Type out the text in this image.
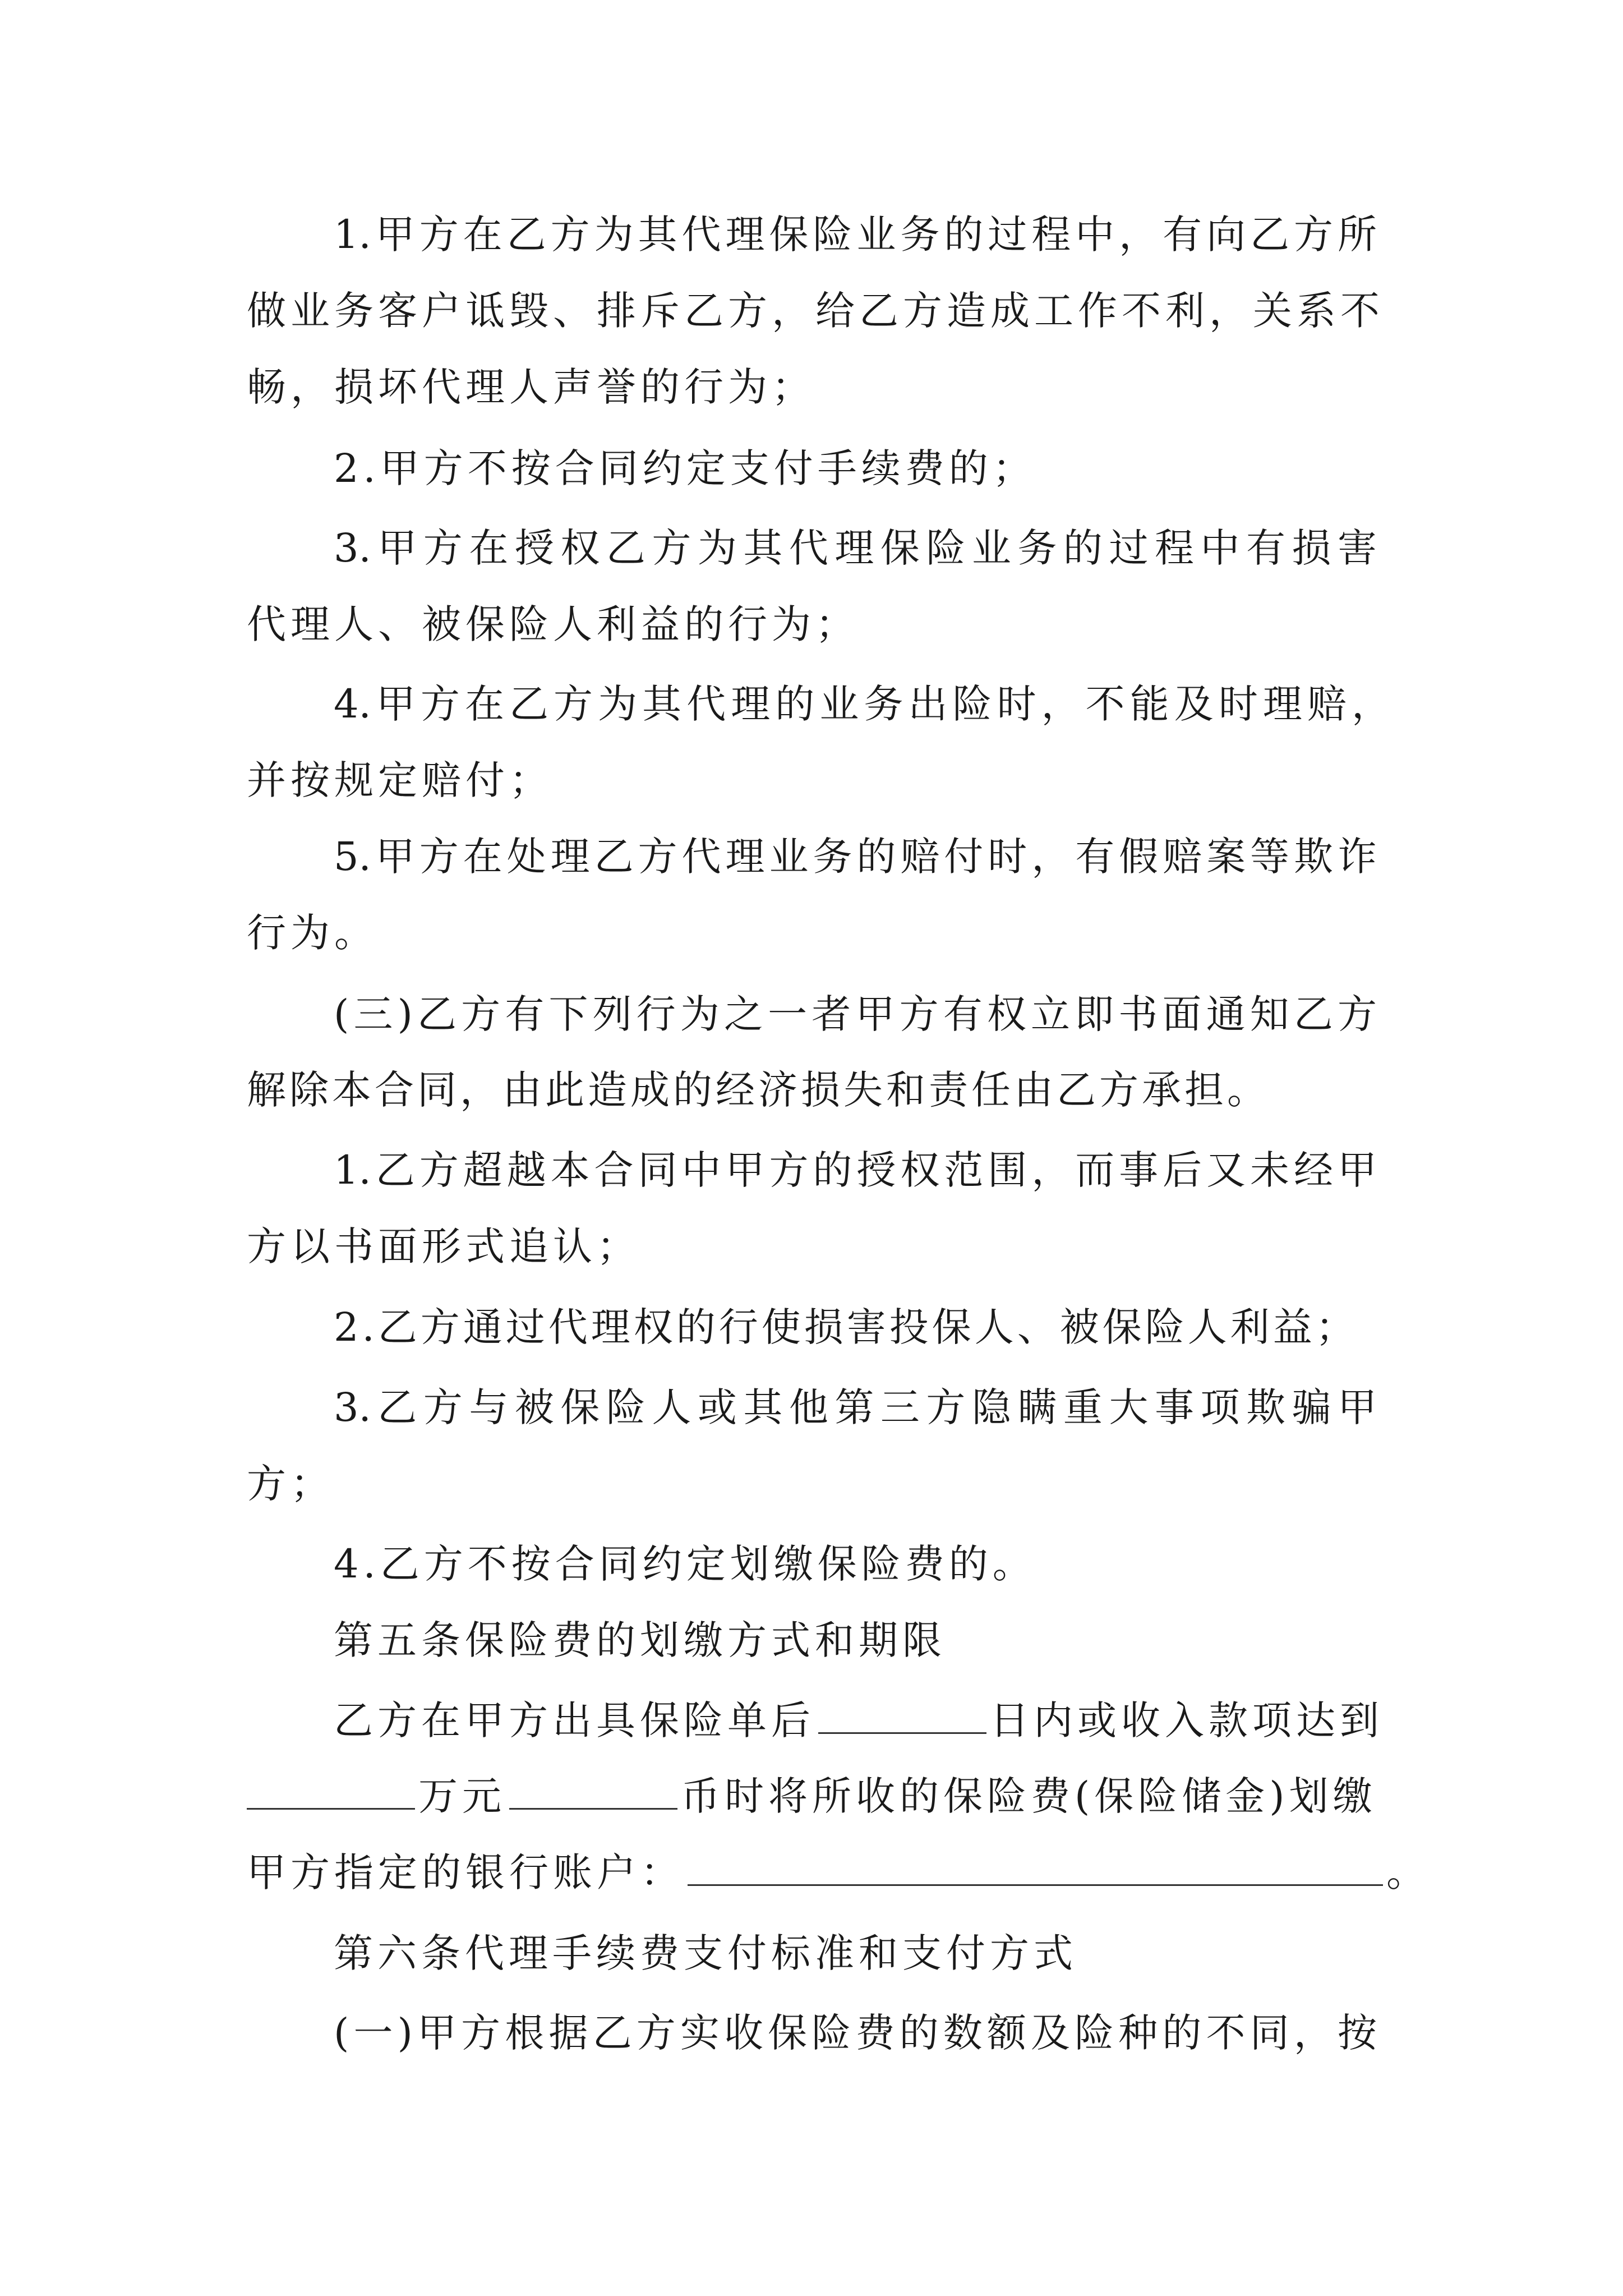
1.甲方在乙方为其代理保险业务的过程中，有向乙方所
做业务客户诋毁、排斥乙方，给乙方造成工作不利，关系不
畅，损坏代理人声誉的行为；
2.甲方不按合同约定支付手续费的；
3.甲方在授权乙方为其代理保险业务的过程中有损害
代理人、被保险人利益的行为；
4.甲方在乙方为其代理的业务出险时，不能及时理赔，
并按规定赔付；
5.甲方在处理乙方代理业务的赔付时，有假赔案等欺诈
行为。
(三)乙方有下列行为之一者甲方有权立即书面通知乙方
解除本合同，由此造成的经济损失和责任由乙方承担。
1.乙方超越本合同中甲方的授权范围，而事后又未经甲
方以书面形式追认；
2.乙方通过代理权的行使损害投保人、被保险人利益；
3.乙方与被保险人或其他第三方隐瞒重大事项欺骗甲
方；
4.乙方不按合同约定划缴保险费的。
第五条保险费的划缴方式和期限
乙方在甲方出具保险单后	日内或收入款项达到
万元	币时将所收的保险费(保险储金)划缴
甲方指定的银行账户：	。
第六条代理手续费支付标准和支付方式
(一)甲方根据乙方实收保险费的数额及险种的不同，按
